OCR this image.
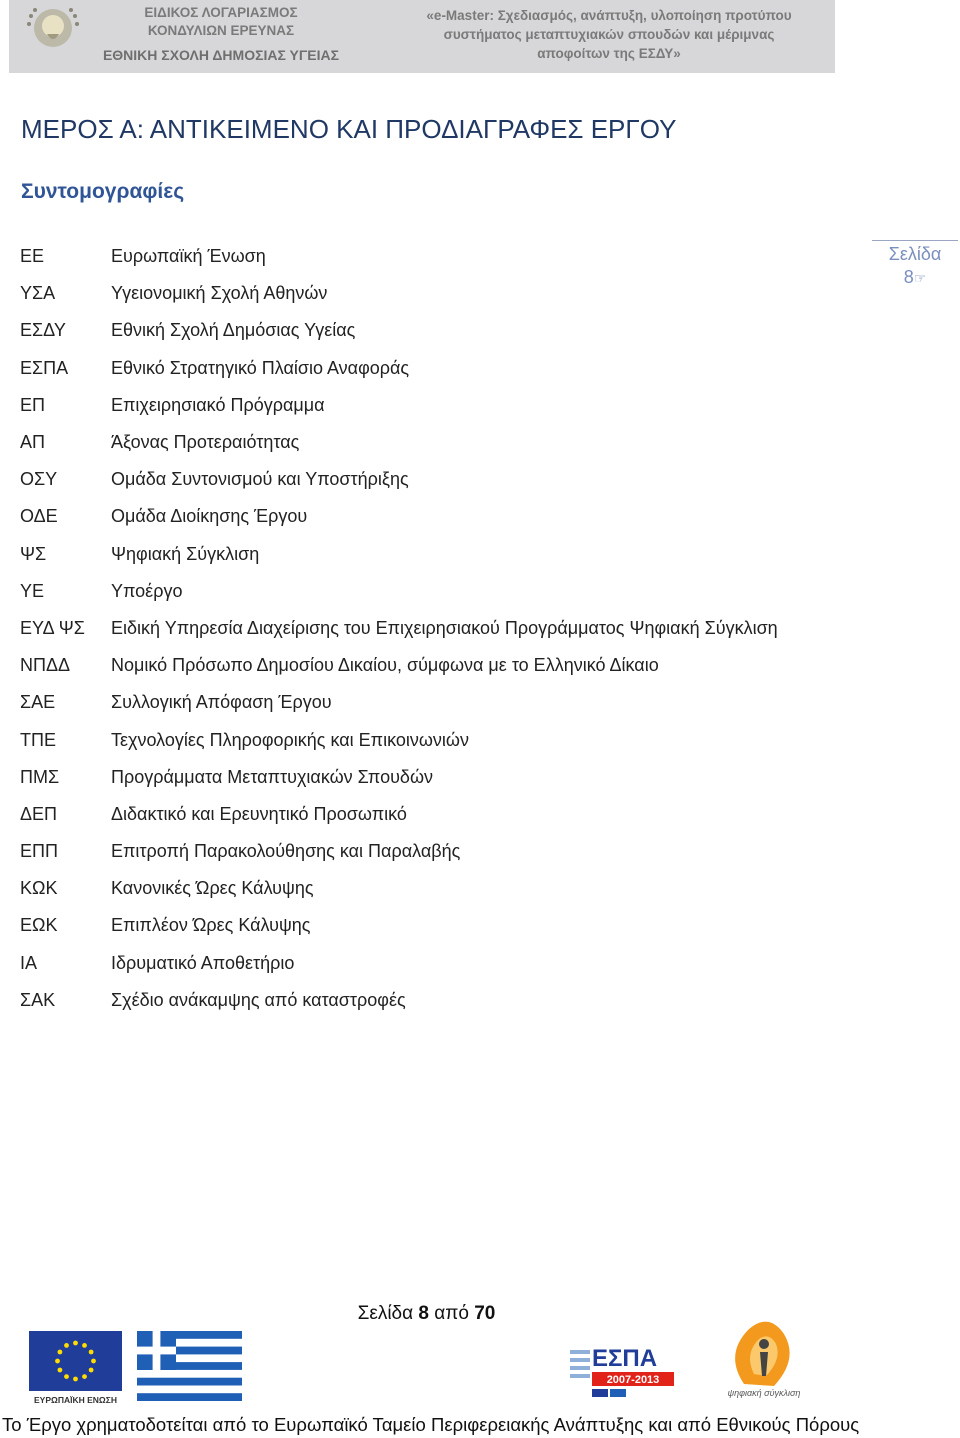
ΕΙΔΙΚΟΣ ΛΟΓΑΡΙΑΣΜΟΣ
ΚΟΝΔΥΛΙΩΝ ΕΡΕΥΝΑΣ
ΕΘΝΙΚΗ ΣΧΟΛΗ ΔΗΜΟΣΙΑΣ ΥΓΕΙΑΣ
«e-Master: Σχεδιασμός, ανάπτυξη, υλοποίηση προτύπου
συστήματος μεταπτυχιακών σπουδών και μέριμνας
αποφοίτων της ΕΣΔΥ»
ΜΕΡΟΣ Α: ΑΝΤΙΚΕΙΜΕΝΟ ΚΑΙ ΠΡΟΔΙΑΓΡΑΦΕΣ ΕΡΓΟΥ
Συντομογραφίες
ΕΕ	Ευρωπαϊκή Ένωση
ΥΣΑ	Υγειονομική Σχολή Αθηνών
ΕΣΔΥ	Εθνική Σχολή Δημόσιας Υγείας
ΕΣΠΑ	Εθνικό Στρατηγικό Πλαίσιο Αναφοράς
ΕΠ	Επιχειρησιακό Πρόγραμμα
ΑΠ	Άξονας Προτεραιότητας
ΟΣΥ	Ομάδα Συντονισμού και Υποστήριξης
ΟΔΕ	Ομάδα Διοίκησης Έργου
ΨΣ	Ψηφιακή Σύγκλιση
ΥΕ	Υποέργο
ΕΥΔ ΨΣ	Ειδική Υπηρεσία Διαχείρισης του Επιχειρησιακού Προγράμματος Ψηφιακή Σύγκλιση
ΝΠΔΔ	Νομικό Πρόσωπο Δημοσίου Δικαίου, σύμφωνα με το Ελληνικό Δίκαιο
ΣΑΕ	Συλλογική Απόφαση Έργου
ΤΠΕ	Τεχνολογίες Πληροφορικής και Επικοινωνιών
ΠΜΣ	Προγράμματα Μεταπτυχιακών Σπουδών
ΔΕΠ	Διδακτικό και Ερευνητικό Προσωπικό
ΕΠΠ	Επιτροπή Παρακολούθησης και Παραλαβής
ΚΩΚ	Κανονικές Ώρες Κάλυψης
ΕΩΚ	Επιπλέον Ώρες Κάλυψης
ΙΑ	Ιδρυματικό Αποθετήριο
ΣΑΚ	Σχέδιο ανάκαμψης από καταστροφές
Σελίδα
8☞
Σελίδα 8 από 70
ΕΥΡΩΠΑΪΚΗ ΕΝΩΣΗ
ΕΣΠΑ
2007-2013
ψηφιακή σύγκλιση
Το Έργο χρηματοδοτείται από το Ευρωπαϊκό Ταμείο Περιφερειακής Ανάπτυξης και από Εθνικούς Πόρους
